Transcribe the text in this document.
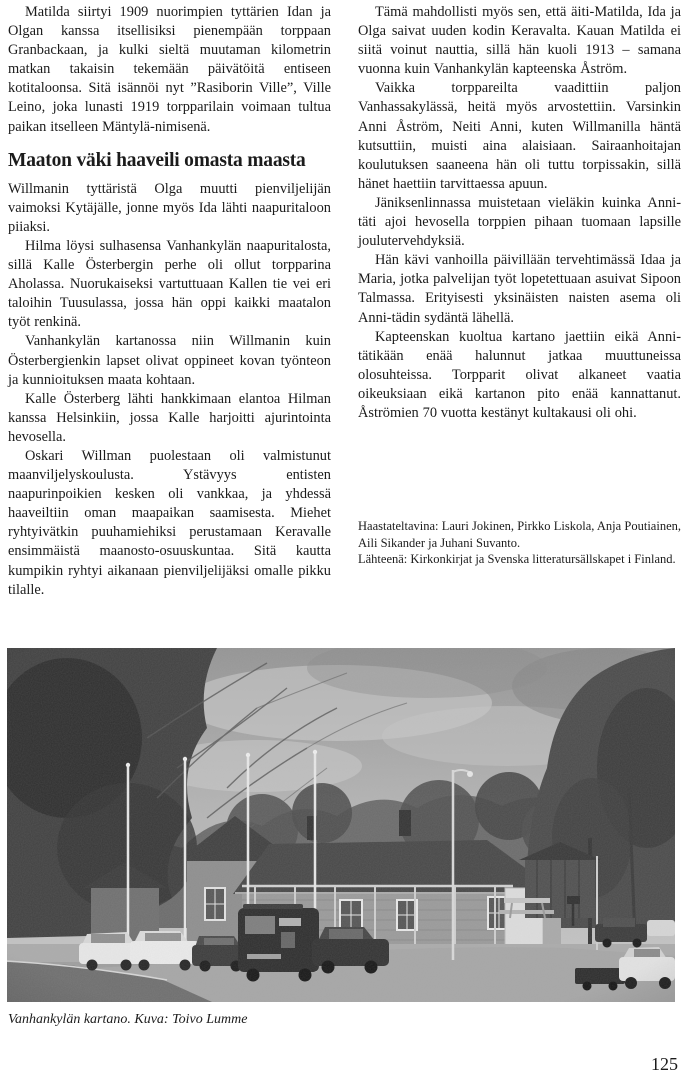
Matilda siirtyi 1909 nuorimpien tyttärien Idan ja Olgan kanssa itsellisiksi pienempään torppaan Granbackaan, ja kulki sieltä muutaman kilometrin matkan takaisin tekemään päivätöitä entiseen kotitaloonsa. Sitä isännöi nyt ”Rasiborin Ville”, Ville Leino, joka lunasti 1919 torpparilain voimaan tultua paikan itselleen Mäntylä-nimisenä.

Maaton väki haaveili omasta maasta

Willmanin tyttäristä Olga muutti pienviljelijän vaimoksi Kytäjälle, jonne myös Ida lähti naapuritaloon piiaksi.

Hilma löysi sulhasensa Vanhankylän naapuritalosta, sillä Kalle Österbergin perhe oli ollut torpparina Aholassa. Nuorukaiseksi vartuttuaan Kallen tie vei eri taloihin Tuusulassa, jossa hän oppi kaikki maatalon työt renkinä.

Vanhankylän kartanossa niin Willmanin kuin Österbergienkin lapset olivat oppineet kovan työnteon ja kunnioituksen maata kohtaan.

Kalle Österberg lähti hankkimaan elantoa Hilman kanssa Helsinkiin, jossa Kalle harjoitti ajurintointa hevosella.

Oskari Willman puolestaan oli valmistunut maanviljelyskoulusta. Ystävyys entisten naapurinpoikien kesken oli vankkaa, ja yhdessä haaveiltiin oman maapaikan saamisesta. Miehet ryhtyivätkin puuhamiehiksi perustamaan Keravalle ensimmäistä maanosto-osuuskuntaa. Sitä kautta kumpikin ryhtyi aikanaan pienviljelijäksi omalle pikku tilalle.

Tämä mahdollisti myös sen, että äiti-Matilda, Ida ja Olga saivat uuden kodin Keravalta. Kauan Matilda ei siitä voinut nauttia, sillä hän kuoli 1913 – samana vuonna kuin Vanhankylän kapteenska Åström.

Vaikka torppareilta vaadittiin paljon Vanhassakylässä, heitä myös arvostettiin. Varsinkin Anni Åström, Neiti Anni, kuten Willmanilla häntä kutsuttiin, muisti aina alaisiaan. Sairaanhoitajan koulutuksen saaneena hän oli tuttu torpissakin, sillä hänet haettiin tarvittaessa apuun.

Jäniksenlinnassa muistetaan vieläkin kuinka Anni-täti ajoi hevosella torppien pihaan tuomaan lapsille joulutervehdyksiä.

Hän kävi vanhoilla päivillään tervehtimässä Idaa ja Maria, jotka palvelijan työt lopetettuaan asuivat Sipoon Talmassa. Erityisesti yksinäisten naisten asema oli Anni-tädin sydäntä lähellä.

Kapteenskan kuoltua kartano jaettiin eikä Anni-tätikään enää halunnut jatkaa muuttuneissa olosuhteissa. Torpparit olivat alkaneet vaatia oikeuksiaan eikä kartanon pito enää kannattanut. Åströmien 70 vuotta kestänyt kultakausi oli ohi.

Haastateltavina: Lauri Jokinen, Pirkko Liskola, Anja Poutiainen, Aili Sikander ja Juhani Suvanto.

Lähteenä: Kirkonkirjat ja Svenska litteratursällskapet i Finland.

Vanhankylän kartano. Kuva: Toivo Lumme
125
